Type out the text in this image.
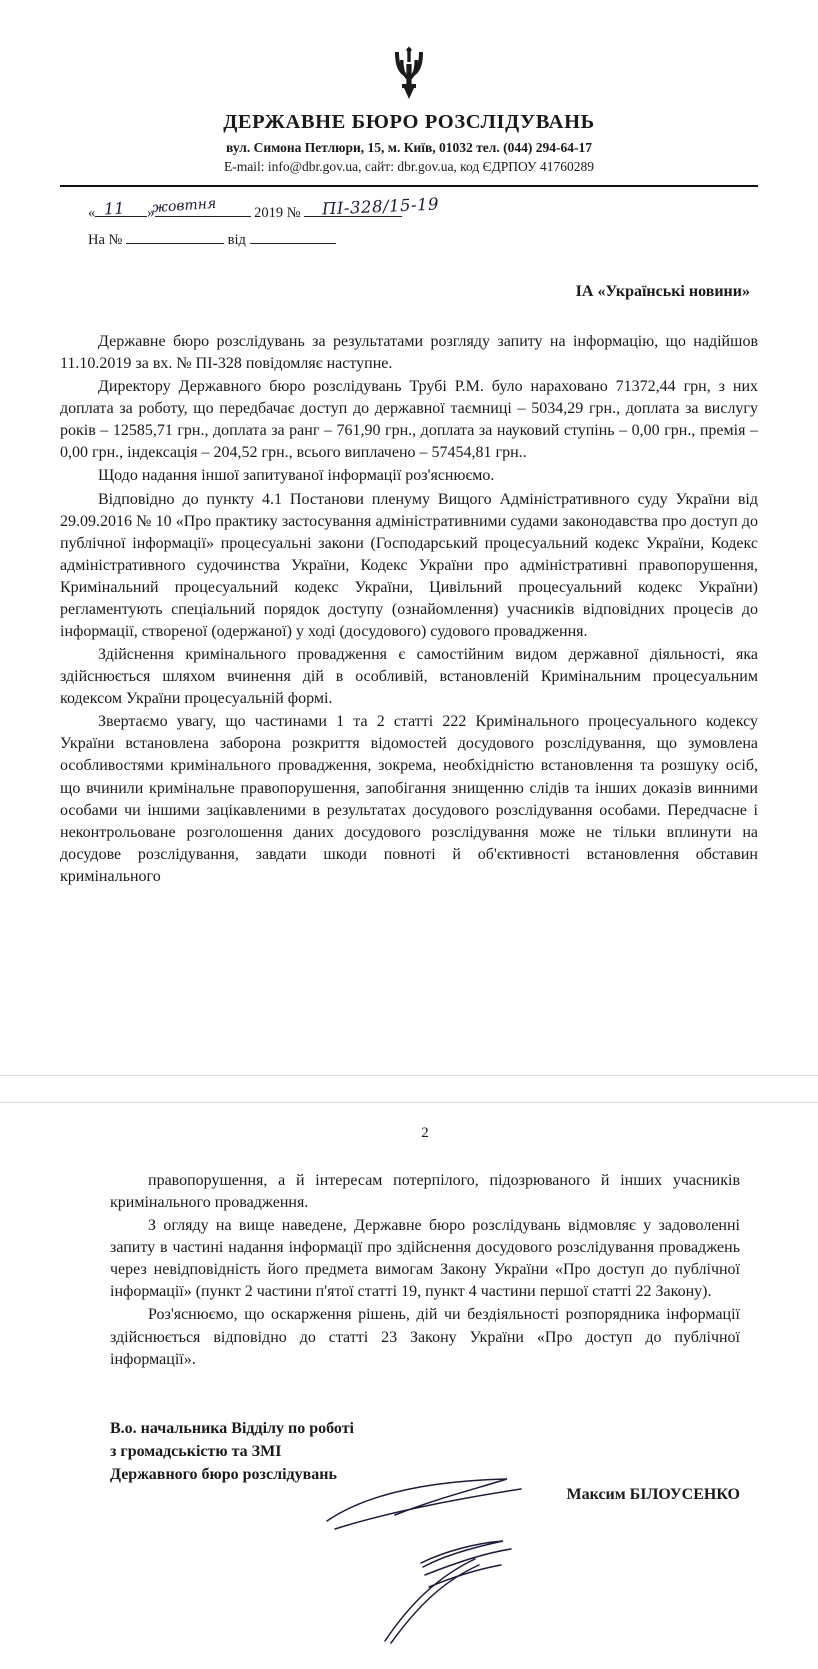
ДЕРЖАВНЕ БЮРО РОЗСЛІДУВАНЬ
вул. Симона Петлюри, 15, м. Київ, 01032 тел. (044) 294-64-17
E-mail: info@dbr.gov.ua, сайт: dbr.gov.ua, код ЄДРПОУ 41760289
«	»	2019 №
На №	від
11 жовтня	ПІ-328/15-19
ІА «Українські новини»

Державне бюро розслідувань за результатами розгляду запиту на інформацію, що надійшов 11.10.2019 за вх. № ПІ-328 повідомляє наступне.

Директору Державного бюро розслідувань Трубі Р.М. було нараховано 71372,44 грн, з них доплата за роботу, що передбачає доступ до державної таємниці – 5034,29 грн., доплата за вислугу років – 12585,71 грн., доплата за ранг – 761,90 грн., доплата за науковий ступінь – 0,00 грн., премія – 0,00 грн., індексація – 204,52 грн., всього виплачено – 57454,81 грн..

Щодо надання іншої запитуваної інформації роз'яснюємо.

Відповідно до пункту 4.1 Постанови пленуму Вищого Адміністративного суду України від 29.09.2016 № 10 «Про практику застосування адміністративними судами законодавства про доступ до публічної інформації» процесуальні закони (Господарський процесуальний кодекс України, Кодекс адміністративного судочинства України, Кодекс України про адміністративні правопорушення, Кримінальний процесуальний кодекс України, Цивільний процесуальний кодекс України) регламентують спеціальний порядок доступу (ознайомлення) учасників відповідних процесів до інформації, створеної (одержаної) у ході (досудового) судового провадження.

Здійснення кримінального провадження є самостійним видом державної діяльності, яка здійснюється шляхом вчинення дій в особливій, встановленій Кримінальним процесуальним кодексом України процесуальній формі.

Звертаємо увагу, що частинами 1 та 2 статті 222 Кримінального процесуального кодексу України встановлена заборона розкриття відомостей досудового розслідування, що зумовлена особливостями кримінального провадження, зокрема, необхідністю встановлення та розшуку осіб, що вчинили кримінальне правопорушення, запобігання знищенню слідів та інших доказів винними особами чи іншими зацікавленими в результатах досудового розслідування особами. Передчасне і неконтрольоване розголошення даних досудового розслідування може не тільки вплинути на досудове розслідування, завдати шкоди повноті й об'єктивності встановлення обставин кримінального

2

правопорушення, а й інтересам потерпілого, підозрюваного й інших учасників кримінального провадження.

З огляду на вище наведене, Державне бюро розслідувань відмовляє у задоволенні запиту в частині надання інформації про здійснення досудового розслідування проваджень через невідповідність його предмета вимогам Закону України «Про доступ до публічної інформації» (пункт 2 частини п'ятої статті 19, пункт 4 частини першої статті 22 Закону).

Роз'яснюємо, що оскарження рішень, дій чи бездіяльності розпорядника інформації здійснюється відповідно до статті 23 Закону України «Про доступ до публічної інформації».

В.о. начальника Відділу по роботі
з громадськістю та ЗМІ
Державного бюро розслідувань
Максим БІЛОУСЕНКО
